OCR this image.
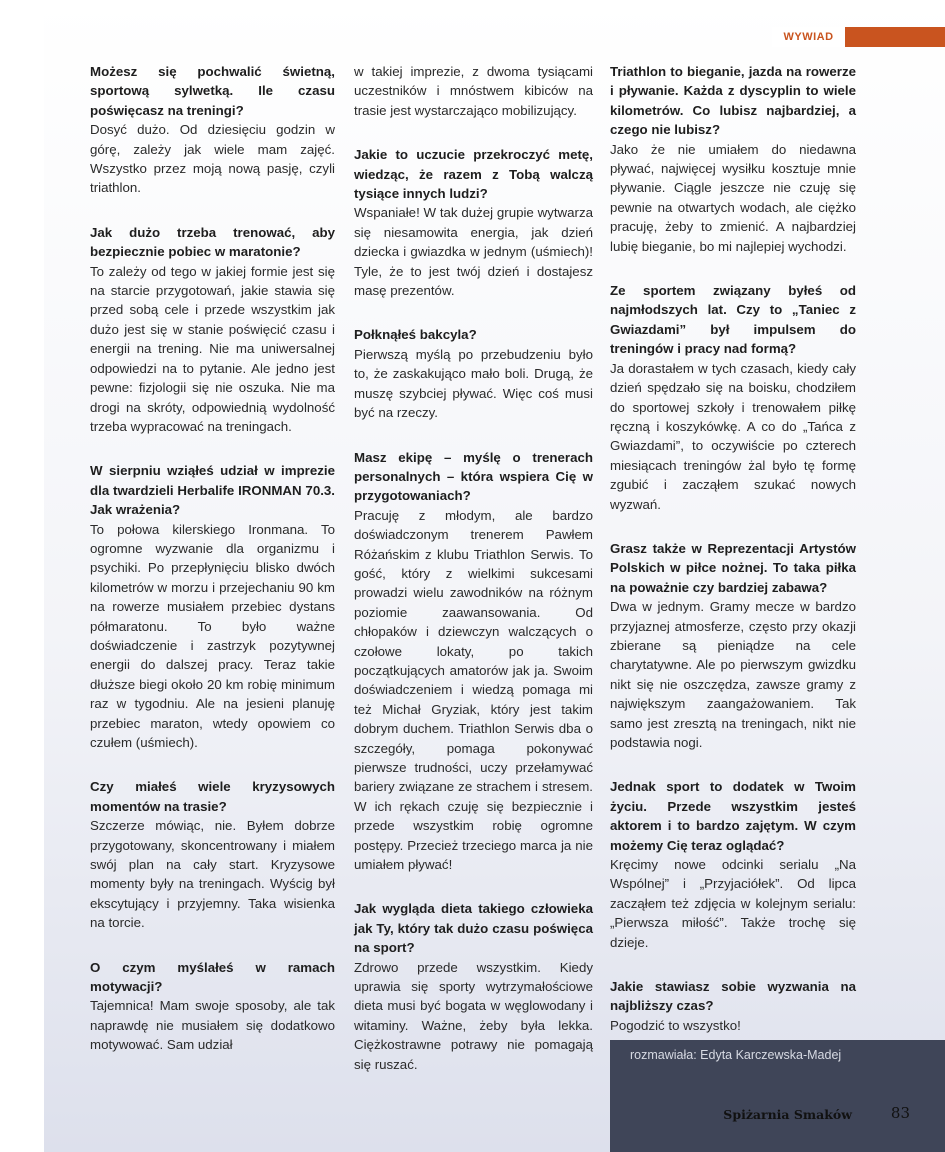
WYWIAD

Możesz się pochwalić świetną, sportową sylwetką. Ile czasu poświęcasz na treningi?

Dosyć dużo. Od dziesięciu godzin w górę, zależy jak wiele mam zajęć. Wszystko przez moją nową pasję, czyli triathlon.

Jak dużo trzeba trenować, aby bezpiecznie pobiec w maratonie?

To zależy od tego w jakiej formie jest się na starcie przygotowań, jakie stawia się przed sobą cele i przede wszystkim jak dużo jest się w stanie poświęcić czasu i energii na trening. Nie ma uniwersalnej odpowiedzi na to pytanie. Ale jedno jest pewne: fizjologii się nie oszuka. Nie ma drogi na skróty, odpowiednią wydolność trzeba wypracować na treningach.

W sierpniu wziąłeś udział w imprezie dla twardzieli Herbalife IRONMAN 70.3. Jak wrażenia?

To połowa kilerskiego Ironmana. To ogromne wyzwanie dla organizmu i psychiki. Po przepłynięciu blisko dwóch kilometrów w morzu i przejechaniu 90 km na rowerze musiałem przebiec dystans półmaratonu. To było ważne doświadczenie i zastrzyk pozytywnej energii do dalszej pracy. Teraz takie dłuższe biegi około 20 km robię minimum raz w tygodniu. Ale na jesieni planuję przebiec maraton, wtedy opowiem co czułem (uśmiech).

Czy miałeś wiele kryzysowych momentów na trasie?

Szczerze mówiąc, nie. Byłem dobrze przygotowany, skoncentrowany i miałem swój plan na cały start. Kryzysowe momenty były na treningach. Wyścig był ekscytujący i przyjemny. Taka wisienka na torcie.

O czym myślałeś w ramach motywacji?

Tajemnica! Mam swoje sposoby, ale tak naprawdę nie musiałem się dodatkowo motywować. Sam udział

w takiej imprezie, z dwoma tysiącami uczestników i mnóstwem kibiców na trasie jest wystarczająco mobilizujący.

Jakie to uczucie przekroczyć metę, wiedząc, że razem z Tobą walczą tysiące innych ludzi?

Wspaniałe! W tak dużej grupie wytwarza się niesamowita energia, jak dzień dziecka i gwiazdka w jednym (uśmiech)! Tyle, że to jest twój dzień i dostajesz masę prezentów.

Połknąłeś bakcyla?

Pierwszą myślą po przebudzeniu było to, że zaskakująco mało boli. Drugą, że muszę szybciej pływać. Więc coś musi być na rzeczy.

Masz ekipę – myślę o trenerach personalnych – która wspiera Cię w przygotowaniach?

Pracuję z młodym, ale bardzo doświadczonym trenerem Pawłem Różańskim z klubu Triathlon Serwis. To gość, który z wielkimi sukcesami prowadzi wielu zawodników na różnym poziomie zaawansowania. Od chłopaków i dziewczyn walczących o czołowe lokaty, po takich początkujących amatorów jak ja. Swoim doświadczeniem i wiedzą pomaga mi też Michał Gryziak, który jest takim dobrym duchem. Triathlon Serwis dba o szczegóły, pomaga pokonywać pierwsze trudności, uczy przełamywać bariery związane ze strachem i stresem. W ich rękach czuję się bezpiecznie i przede wszystkim robię ogromne postępy. Przecież trzeciego marca ja nie umiałem pływać!

Jak wygląda dieta takiego człowieka jak Ty, który tak dużo czasu poświęca na sport?

Zdrowo przede wszystkim. Kiedy uprawia się sporty wytrzymałościowe dieta musi być bogata w węglowodany i witaminy. Ważne, żeby była lekka. Ciężkostrawne potrawy nie pomagają się ruszać.

Triathlon to bieganie, jazda na rowerze i pływanie. Każda z dyscyplin to wiele kilometrów. Co lubisz najbardziej, a czego nie lubisz?

Jako że nie umiałem do niedawna pływać, najwięcej wysiłku kosztuje mnie pływanie. Ciągle jeszcze nie czuję się pewnie na otwartych wodach, ale ciężko pracuję, żeby to zmienić. A najbardziej lubię bieganie, bo mi najlepiej wychodzi.

Ze sportem związany byłeś od najmłodszych lat. Czy to „Taniec z Gwiazdami” był impulsem do treningów i pracy nad formą?

Ja dorastałem w tych czasach, kiedy cały dzień spędzało się na boisku, chodziłem do sportowej szkoły i trenowałem piłkę ręczną i koszykówkę. A co do „Tańca z Gwiazdami”, to oczywiście po czterech miesiącach treningów żal było tę formę zgubić i zacząłem szukać nowych wyzwań.

Grasz także w Reprezentacji Artystów Polskich w piłce nożnej. To taka piłka na poważnie czy bardziej zabawa?

Dwa w jednym. Gramy mecze w bardzo przyjaznej atmosferze, często przy okazji zbierane są pieniądze na cele charytatywne. Ale po pierwszym gwizdku nikt się nie oszczędza, zawsze gramy z największym zaangażowaniem. Tak samo jest zresztą na treningach, nikt nie podstawia nogi.

Jednak sport to dodatek w Twoim życiu. Przede wszystkim jesteś aktorem i to bardzo zajętym. W czym możemy Cię teraz oglądać?

Kręcimy nowe odcinki serialu „Na Wspólnej” i „Przyjaciółek”. Od lipca zacząłem też zdjęcia w kolejnym serialu: „Pierwsza miłość”. Także trochę się dzieje.

Jakie stawiasz sobie wyzwania na najbliższy czas?

Pogodzić to wszystko!

rozmawiała: Edyta Karczewska-Madej
Spiżarnia Smaków	83
